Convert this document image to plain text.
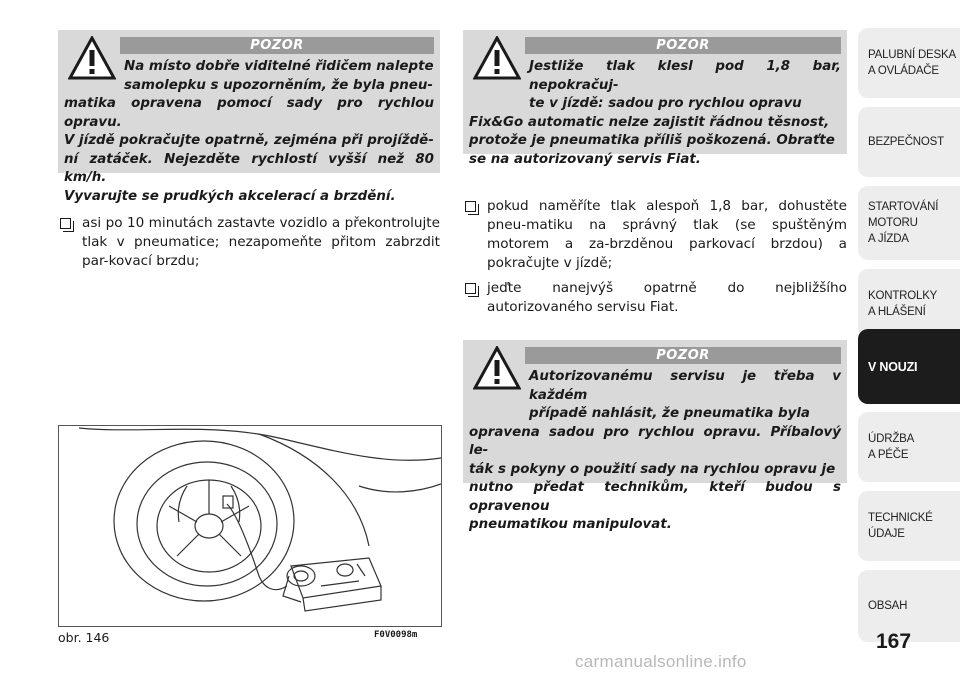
POZOR

Na místo dobře viditelné řidičem nalepte

samolepku s upozorněním, že byla pneu-

matika opravena pomocí sady pro rychlou opravu.

V jízdě pokračujte opatrně, zejména při projíždě-

ní zatáček. Nejezděte rychlostí vyšší než 80 km/h.

Vyvarujte se prudkých akcelerací a brzdění.

POZOR

Jestliže tlak klesl pod 1,8 bar, nepokračuj-

te v jízdě: sadou pro rychlou opravu

Fix&Go automatic nelze zajistit řádnou těsnost,

protože je pneumatika příliš poškozená. Obraťte

se na autorizovaný servis Fiat.

POZOR

Autorizovanému servisu je třeba v každém

případě nahlásit, že pneumatika byla

opravena sadou pro rychlou opravu. Příbalový le-

ták s pokyny o použití sady na rychlou opravu je

nutno předat technikům, kteří budou s opravenou

pneumatikou manipulovat.

asi po 10 minutách zastavte vozidlo a překontrolujte tlak v pneumatice; nezapomeňte přitom zabrzdit par-kovací brzdu;
pokud naměříte tlak alespoň 1,8 bar, dohustěte pneu-matiku na správný tlak (se spuštěným motorem a za-brzděnou parkovací brzdou) a pokračujte v jízdě;
jeďte nanejvýš opatrně do nejbližšího autorizovaného servisu Fiat.
obr. 146	F0V0098m
PALUBNÍ DESKA
A OVLÁDAČE
BEZPEČNOST
STARTOVÁNÍ
MOTORU
A JÍZDA
KONTROLKY
A HLÁŠENÍ
V NOUZI
ÚDRŽBA
A PÉČE
TECHNICKÉ
ÚDAJE
OBSAH
167
carmanualsonline.info
